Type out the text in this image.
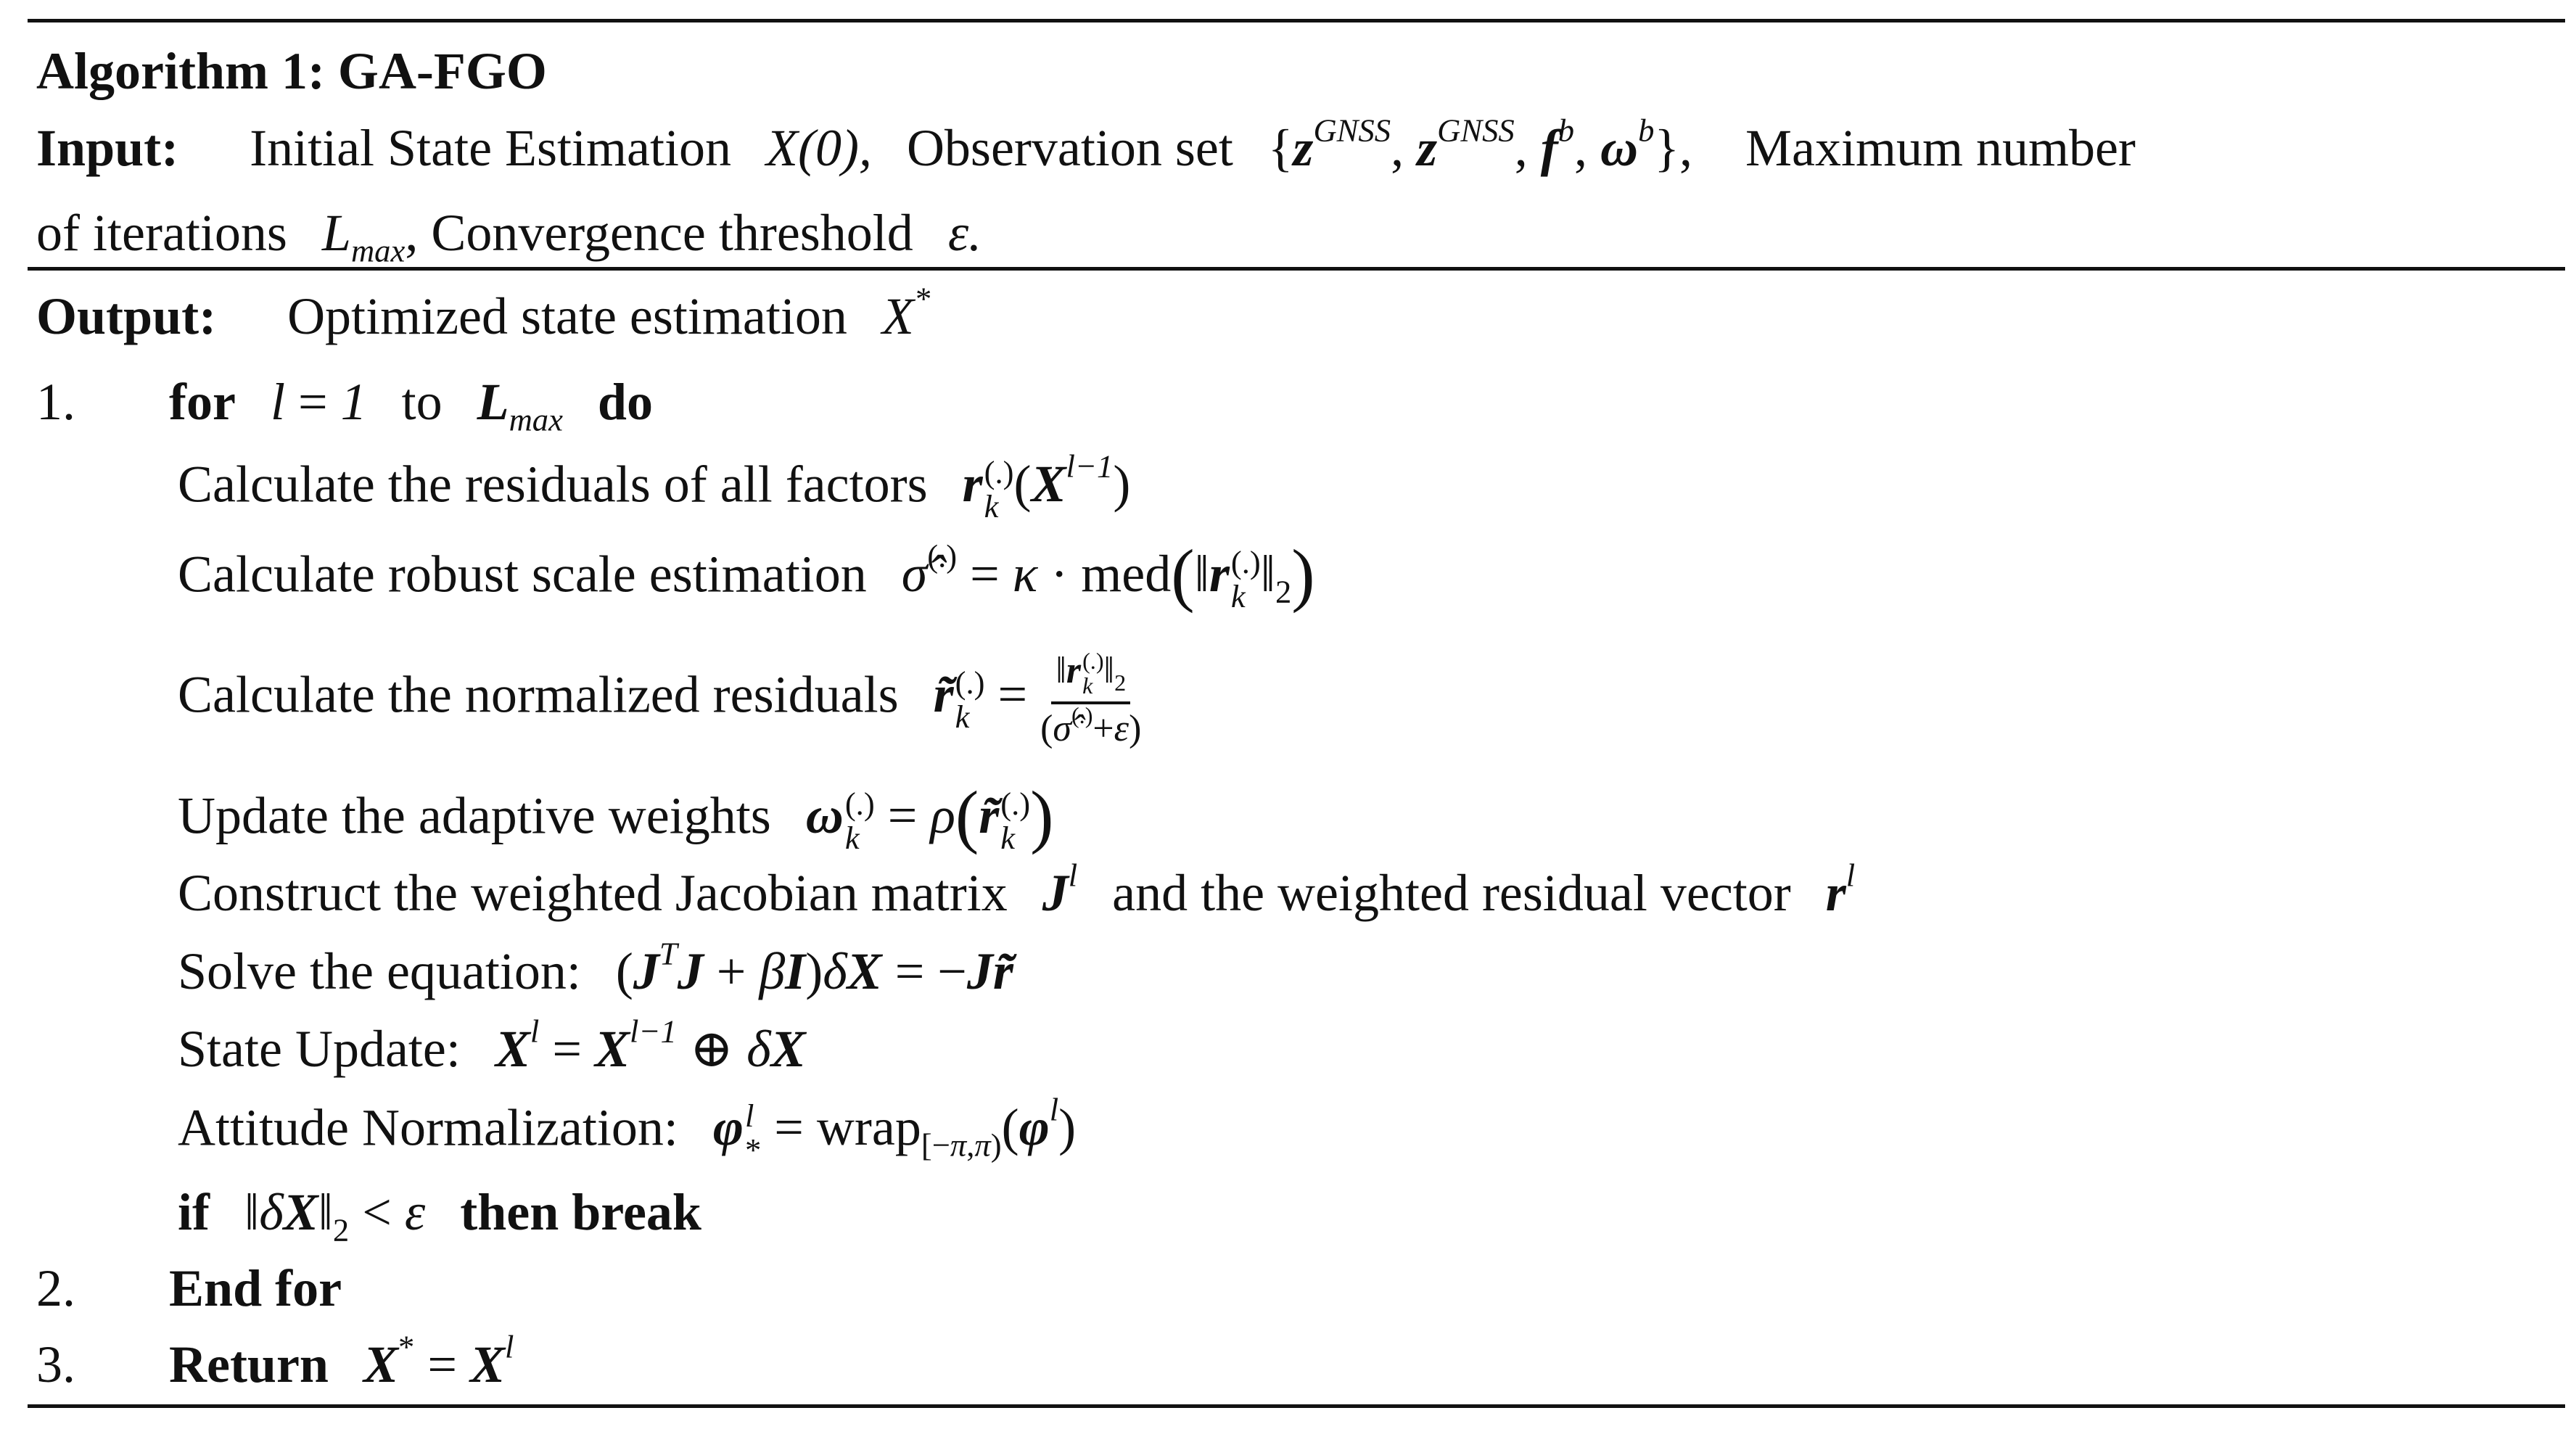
Algorithm 1: GA-FGO
Input: Initial State Estimation X(0), Observation set {$z^{GNSS}$, $z^{GNSS}$, $f^b$, $\omega^b$}, Maximum number
of iterations $L_{max}$, Convergence threshold ε.
Output: Optimized state estimation X*
1. for l = 1 to $L_{max}$ do
Calculate the residuals of all factors r (.)
k $(X^{l-1})$
Calculate robust scale estimation σ̂(.) = κ · med(‖r (.)
k $‖_2$)
Calculate the normalized residuals r̃ (.)
k = ‖r (.)
k $‖_2$
(σ̂(.)+ε)
Update the adaptive weights ω (.)
k = ρ(r̃ (.)
k )
Construct the weighted Jacobian matrix $J^l$ and the weighted residual vector $r^l$
Solve the equation: $(J^TJ + \beta I)\delta X$ = −Jr̃
State Update: $X^l = X^{l-1}$ ⊕ δX
Attitude Normalization: φ l
* = $wrap_{[-\pi,\pi)}(\varphi^l)$
if $‖\delta X‖_2 < \varepsilon$ then break
2. End for
3. Return $X^* = X^l$
